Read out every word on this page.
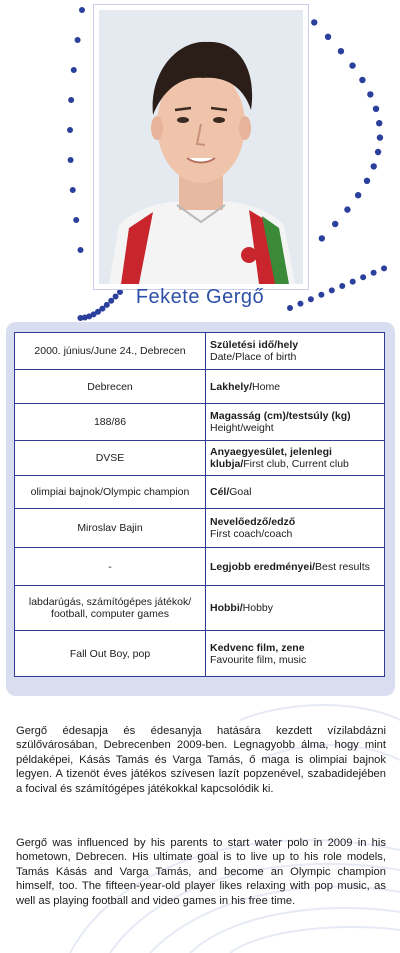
Fekete Gergő
2000. június/June 24., Debrecen	Születési idő/hely
Date/Place of birth
Debrecen	Lakhely/Home
188/86	Magasság (cm)/testsúly (kg)
Height/weight
DVSE	Anyaegyesület, jelenlegi klubja/First club, Current club
olimpiai bajnok/Olympic champion	Cél/Goal
Miroslav Bajin	Nevelőedző/edző
First coach/coach
-	Legjobb eredményei/Best results
labdarúgás, számítógépes játékok/ football, computer games	Hobbi/Hobby
Fall Out Boy, pop	Kedvenc film, zene
Favourite film, music

Gergő édesapja és édesanyja hatására kezdett vízilabdázni szülővárosában, Debrecenben 2009-ben. Legnagyobb álma, hogy mint példaképei, Kásás Tamás és Varga Tamás, ő maga is olimpiai bajnok legyen. A tizenöt éves játékos szívesen lazít popzenével, szabadidejében a focival és számítógépes játékokkal kapcsolódik ki.

Gergő was influenced by his parents to start water polo in 2009 in his hometown, Debrecen. His ultimate goal is to live up to his role models, Tamás Kásás and Varga Tamás, and become an Olympic champion himself, too. The fifteen-year-old player likes relaxing with pop music, as well as playing football and video games in his free time.
